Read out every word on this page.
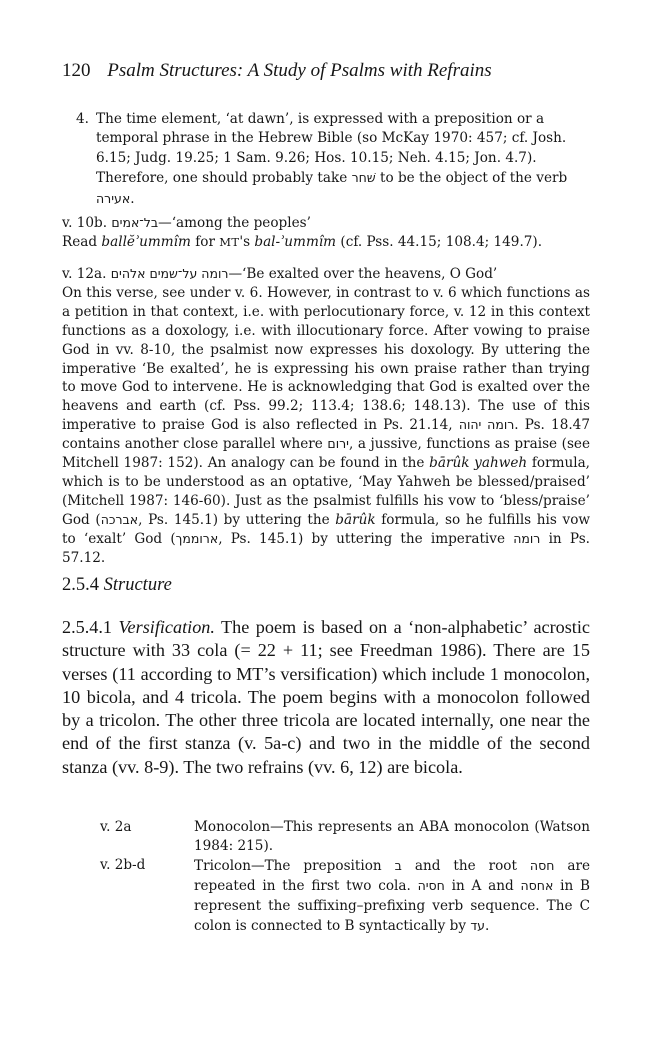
120 Psalm Structures: A Study of Psalms with Refrains
4. The time element, ‘at dawn’, is expressed with a preposition or a temporal phrase in the Hebrew Bible (so McKay 1970: 457; cf. Josh. 6.15; Judg. 19.25; 1 Sam. 9.26; Hos. 10.15; Neh. 4.15; Jon. 4.7). Therefore, one should probably take שׁחר to be the object of the verb אעירה.

v. 10b. בל־אמים—‘among the peoples’

Read ballĕʾummîm for MT's bal-ʾummîm (cf. Pss. 44.15; 108.4; 149.7).

v. 12a. רומה על־שמים אלהים—‘Be exalted over the heavens, O God’

On this verse, see under v. 6. However, in contrast to v. 6 which functions as a petition in that context, i.e. with perlocutionary force, v. 12 in this context functions as a doxology, i.e. with illocutionary force. After vowing to praise God in vv. 8-10, the psalmist now expresses his doxology. By uttering the imperative ‘Be exalted’, he is expressing his own praise rather than trying to move God to intervene. He is acknowledging that God is exalted over the heavens and earth (cf. Pss. 99.2; 113.4; 138.6; 148.13). The use of this imperative to praise God is also reflected in Ps. 21.14, רומה יהוה. Ps. 18.47 contains another close parallel where ירום, a jussive, functions as praise (see Mitchell 1987: 152). An analogy can be found in the bārûk yahweh formula, which is to be understood as an optative, ‘May Yahweh be blessed/praised’ (Mitchell 1987: 146-60). Just as the psalmist fulfills his vow to ‘bless/praise’ God (אברכה, Ps. 145.1) by uttering the bārûk formula, so he fulfills his vow to ‘exalt’ God (ארוממך, Ps. 145.1) by uttering the imperative רומה in Ps. 57.12.

2.5.4 Structure
2.5.4.1 Versification. The poem is based on a ‘non-alphabetic’ acrostic structure with 33 cola (= 22 + 11; see Freedman 1986). There are 15 verses (11 according to MT’s versification) which include 1 monocolon, 10 bicola, and 4 tricola. The poem begins with a monocolon followed by a tricolon. The other three tricola are located internally, one near the end of the first stanza (v. 5a-c) and two in the middle of the second stanza (vv. 8-9). The two refrains (vv. 6, 12) are bicola.
v. 2a	Monocolon—This represents an ABA monocolon (Watson 1984: 215).
v. 2b-d	Tricolon—The preposition ב and the root חסה are repeated in the first two cola. חסיה in A and אחסה in B represent the suffixing–prefixing verb sequence. The C colon is connected to B syntactically by עד.
